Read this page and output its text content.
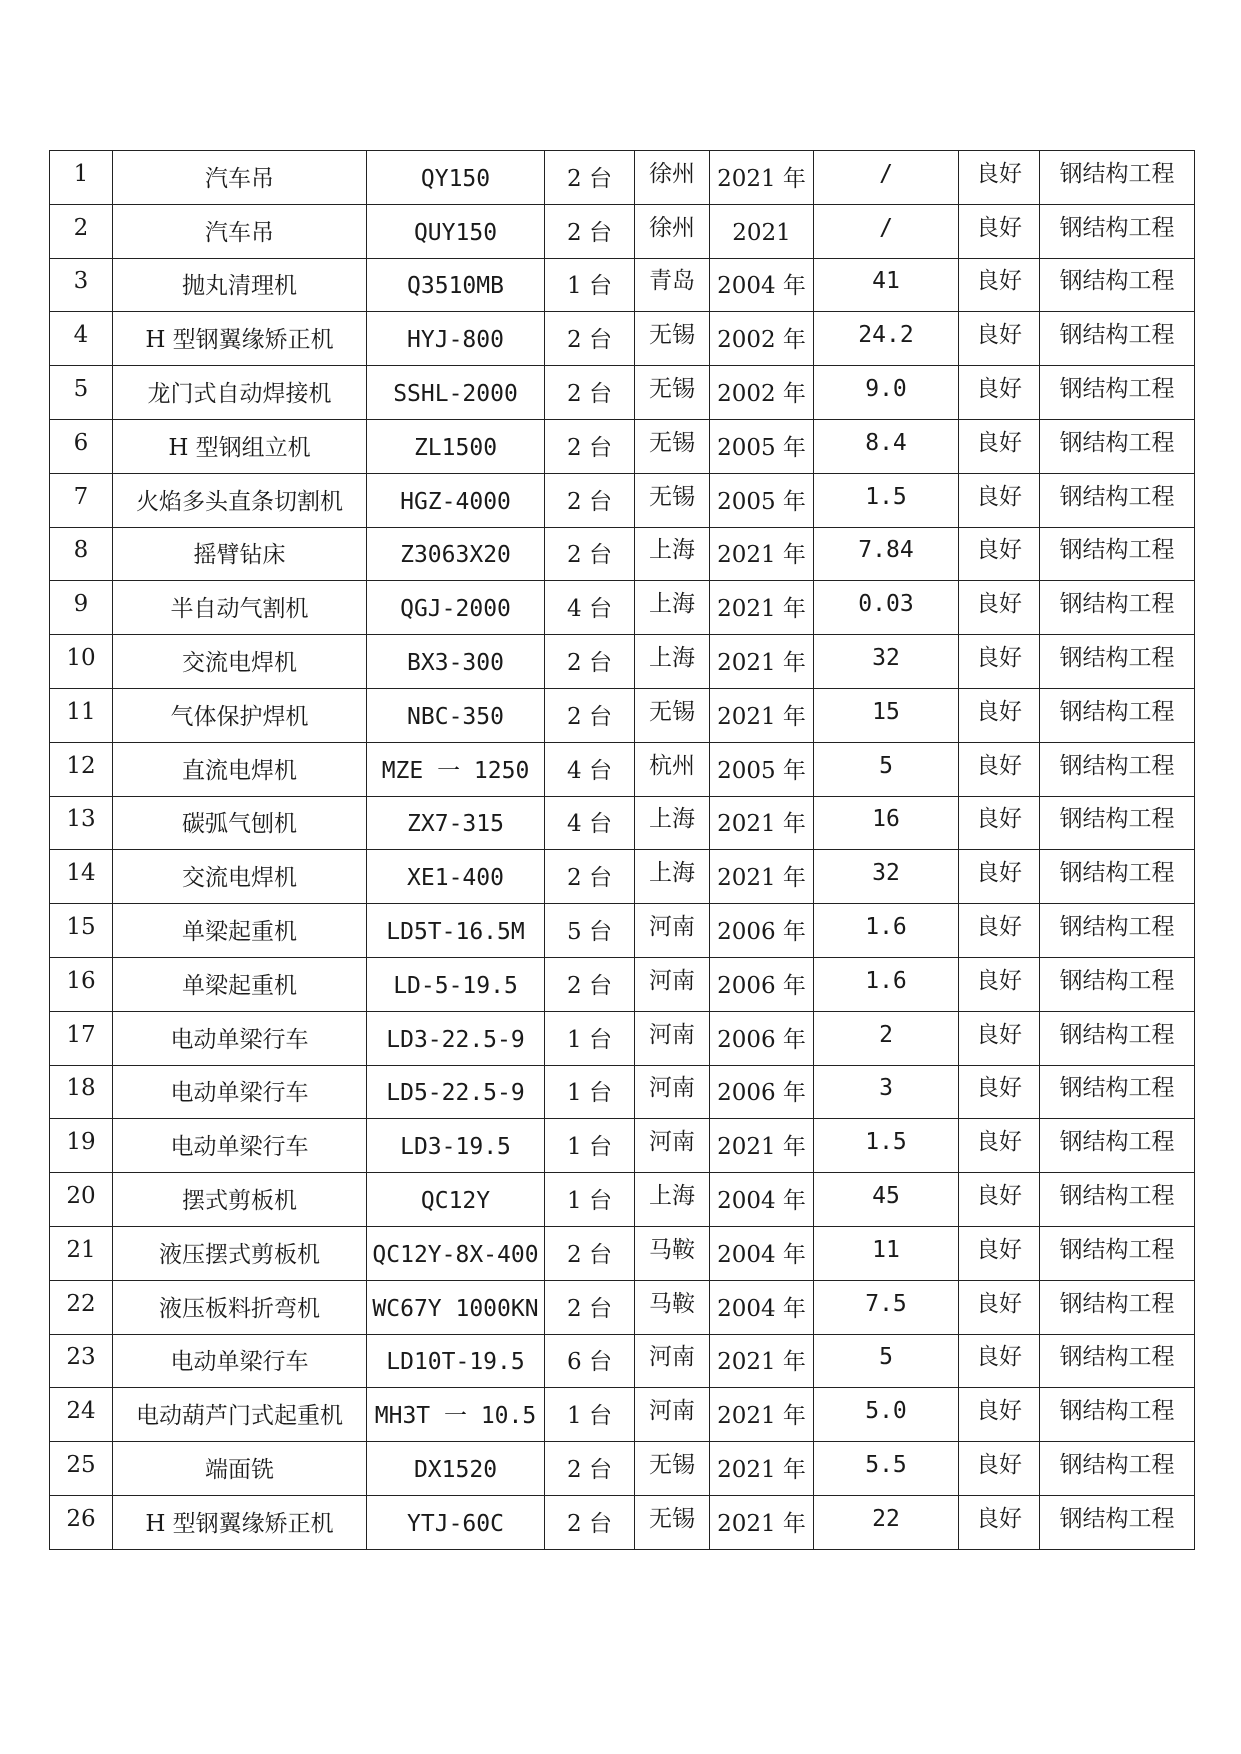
1	汽车吊	QY150	2 台	徐州	2021 年	/	良好	钢结构工程
2	汽车吊	QUY150	2 台	徐州	2021	/	良好	钢结构工程
3	抛丸清理机	Q3510MB	1 台	青岛	2004 年	41	良好	钢结构工程
4	H 型钢翼缘矫正机	HYJ-800	2 台	无锡	2002 年	24.2	良好	钢结构工程
5	龙门式自动焊接机	SSHL-2000	2 台	无锡	2002 年	9.0	良好	钢结构工程
6	H 型钢组立机	ZL1500	2 台	无锡	2005 年	8.4	良好	钢结构工程
7	火焰多头直条切割机	HGZ-4000	2 台	无锡	2005 年	1.5	良好	钢结构工程
8	摇臂钻床	Z3063X20	2 台	上海	2021 年	7.84	良好	钢结构工程
9	半自动气割机	QGJ-2000	4 台	上海	2021 年	0.03	良好	钢结构工程
10	交流电焊机	BX3-300	2 台	上海	2021 年	32	良好	钢结构工程
11	气体保护焊机	NBC-350	2 台	无锡	2021 年	15	良好	钢结构工程
12	直流电焊机	MZE 一 1250	4 台	杭州	2005 年	5	良好	钢结构工程
13	碳弧气刨机	ZX7-315	4 台	上海	2021 年	16	良好	钢结构工程
14	交流电焊机	XE1-400	2 台	上海	2021 年	32	良好	钢结构工程
15	单梁起重机	LD5T-16.5M	5 台	河南	2006 年	1.6	良好	钢结构工程
16	单梁起重机	LD-5-19.5	2 台	河南	2006 年	1.6	良好	钢结构工程
17	电动单梁行车	LD3-22.5-9	1 台	河南	2006 年	2	良好	钢结构工程
18	电动单梁行车	LD5-22.5-9	1 台	河南	2006 年	3	良好	钢结构工程
19	电动单梁行车	LD3-19.5	1 台	河南	2021 年	1.5	良好	钢结构工程
20	摆式剪板机	QC12Y	1 台	上海	2004 年	45	良好	钢结构工程
21	液压摆式剪板机	QC12Y-8X-400	2 台	马鞍	2004 年	11	良好	钢结构工程
22	液压板料折弯机	WC67Y 1000KN	2 台	马鞍	2004 年	7.5	良好	钢结构工程
23	电动单梁行车	LD10T-19.5	6 台	河南	2021 年	5	良好	钢结构工程
24	电动葫芦门式起重机	MH3T 一 10.5	1 台	河南	2021 年	5.0	良好	钢结构工程
25	端面铣	DX1520	2 台	无锡	2021 年	5.5	良好	钢结构工程
26	H 型钢翼缘矫正机	YTJ-60C	2 台	无锡	2021 年	22	良好	钢结构工程
